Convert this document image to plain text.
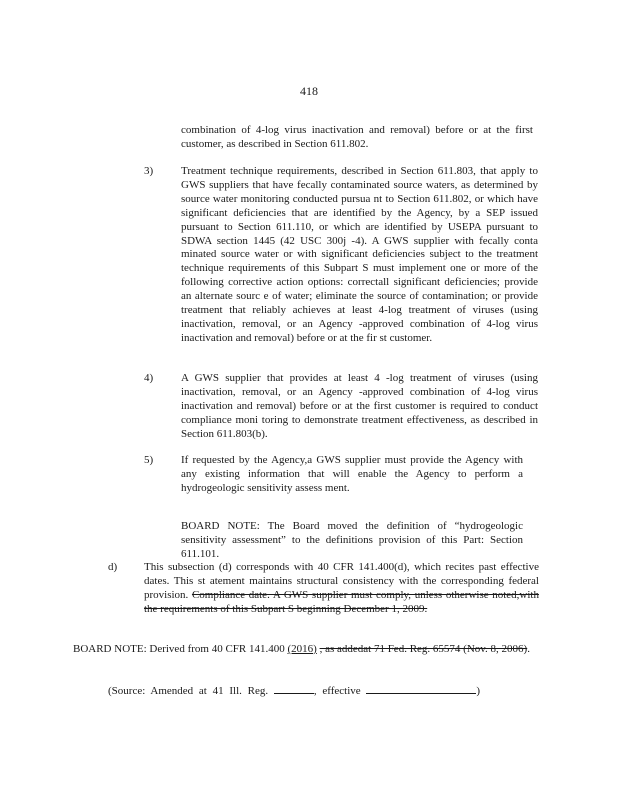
418
combination of 4-log virus inactivation and removal) before or at the first customer, as described in Section 611.802.
3)	Treatment technique requirements, described in Section 611.803, that apply to GWS suppliers that have fecally contaminated source waters, as determined by source water monitoring conducted pursua nt to Section 611.802, or which have significant deficiencies that are identified by the Agency, by a SEP issued pursuant to Section 611.110, or which are identified by USEPA pursuant to SDWA section 1445 (42 USC 300j -4). A GWS supplier with fecally conta minated source water or with significant deficiencies subject to the treatment technique requirements of this Subpart S must implement one or more of the following corrective action options: correctall significant deficiencies; provide an alternate sourc e of water; eliminate the source of contamination; or provide treatment that reliably achieves at least 4-log treatment of viruses (using inactivation, removal, or an Agency -approved combination of 4-log virus inactivation and removal) before or at the fir st customer.
4)	A GWS supplier that provides at least 4 -log treatment of viruses (using inactivation, removal, or an Agency -approved combination of 4-log virus inactivation and removal) before or at the first customer is required to conduct compliance moni toring to demonstrate treatment effectiveness, as described in Section 611.803(b).
5)	If requested by the Agency,a GWS supplier must provide the Agency with any existing information that will enable the Agency to perform a hydrogeologic sensitivity assess ment.
BOARD NOTE: The Board moved the definition of “hydrogeologic sensitivity assessment” to the definitions provision of this Part: Section 611.101.
d) This subsection (d) corresponds with 40 CFR 141.400(d), which recites past effective dates. This st atement maintains structural consistency with the corresponding federal provision. Compliance date. A GWS supplier must comply, unless otherwise noted,with the requirements of this Subpart S beginning December 1, 2009.
BOARD NOTE: Derived from 40 CFR 141.400 (2016) , as addedat 71 Fed. Reg. 65574 (Nov. 8, 2006).
(Source: Amended at 41 Ill. Reg.	, effective	)
